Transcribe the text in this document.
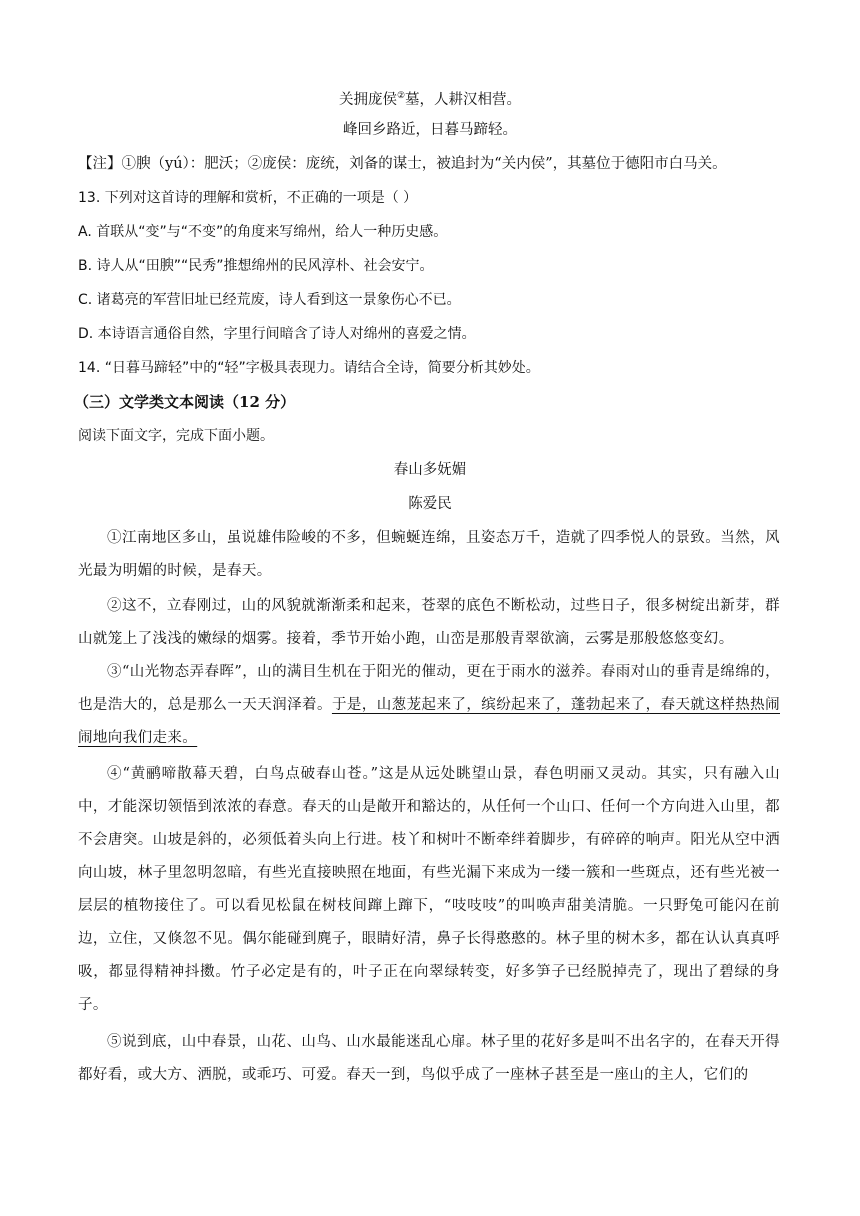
关拥庞侯②墓，人耕汉相营。
峰回乡路近，日暮马蹄轻。
【注】①腴（yú）：肥沃；②庞侯：庞统，刘备的谋士，被追封为“关内侯”，其墓位于德阳市白马关。
13. 下列对这首诗的理解和赏析，不正确的一项是（ ）
A. 首联从“变”与“不变”的角度来写绵州，给人一种历史感。
B. 诗人从“田腴”“民秀”推想绵州的民风淳朴、社会安宁。
C. 诸葛亮的军营旧址已经荒废，诗人看到这一景象伤心不已。
D. 本诗语言通俗自然，字里行间暗含了诗人对绵州的喜爱之情。
14. “日暮马蹄轻”中的“轻”字极具表现力。请结合全诗，简要分析其妙处。
（三）文学类文本阅读（12 分）
阅读下面文字，完成下面小题。
春山多妩媚
陈爱民
①江南地区多山，虽说雄伟险峻的不多，但蜿蜒连绵，且姿态万千，造就了四季悦人的景致。当然，风光最为明媚的时候，是春天。
②这不，立春刚过，山的风貌就渐渐柔和起来，苍翠的底色不断松动，过些日子，很多树绽出新芽，群山就笼上了浅浅的嫩绿的烟雾。接着，季节开始小跑，山峦是那般青翠欲滴，云雾是那般悠悠变幻。
③“山光物态弄春晖”，山的满目生机在于阳光的催动，更在于雨水的滋养。春雨对山的垂青是绵绵的，也是浩大的，总是那么一天天润泽着。于是，山葱茏起来了，缤纷起来了，蓬勃起来了，春天就这样热热闹闹地向我们走来。
④“黄鹂啼散幕天碧，白鸟点破春山苍。”这是从远处眺望山景，春色明丽又灵动。其实，只有融入山中，才能深切领悟到浓浓的春意。春天的山是敞开和豁达的，从任何一个山口、任何一个方向进入山里，都不会唐突。山坡是斜的，必须低着头向上行进。枝丫和树叶不断牵绊着脚步，有碎碎的响声。阳光从空中洒向山坡，林子里忽明忽暗，有些光直接映照在地面，有些光漏下来成为一缕一簇和一些斑点，还有些光被一层层的植物接住了。可以看见松鼠在树枝间蹿上蹿下，“吱吱吱”的叫唤声甜美清脆。一只野兔可能闪在前边，立住，又倏忽不见。偶尔能碰到麂子，眼睛好清，鼻子长得憨憨的。林子里的树木多，都在认认真真呼吸，都显得精神抖擞。竹子必定是有的，叶子正在向翠绿转变，好多笋子已经脱掉壳了，现出了碧绿的身子。
⑤说到底，山中春景，山花、山鸟、山水最能迷乱心扉。林子里的花好多是叫不出名字的，在春天开得都好看，或大方、洒脱，或乖巧、可爱。春天一到，鸟似乎成了一座林子甚至是一座山的主人，它们的
